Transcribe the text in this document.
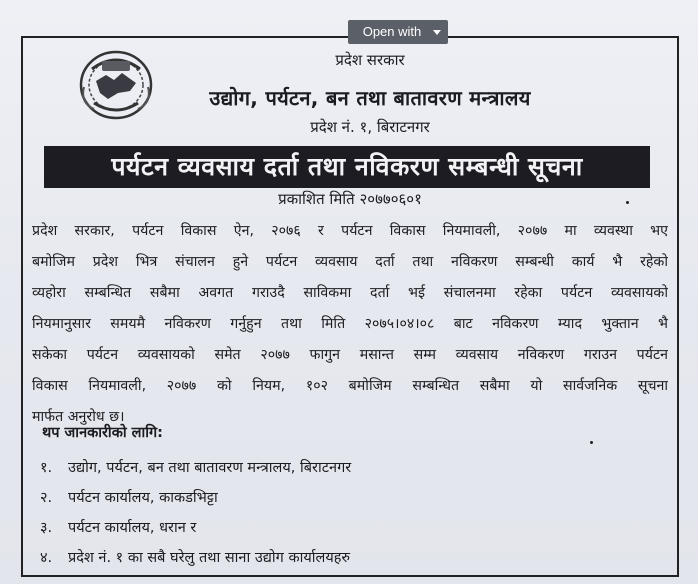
Open with
प्रदेश सरकार
उद्योग, पर्यटन, बन तथा बातावरण मन्त्रालय
प्रदेश नं. १, बिराटनगर
पर्यटन व्यवसाय दर्ता तथा नविकरण सम्बन्धी सूचना
प्रकाशित मिति २०७७०६०१
प्रदेश सरकार, पर्यटन विकास ऐन, २०७६ र पर्यटन विकास नियमावली, २०७७ मा व्यवस्था भए
बमोजिम प्रदेश भित्र संचालन हुने पर्यटन व्यवसाय दर्ता तथा नविकरण सम्बन्धी कार्य भै रहेको
व्यहोरा सम्बन्धित सबैमा अवगत गराउदै साविकमा दर्ता भई संचालनमा रहेका पर्यटन व्यवसायको
नियमानुसार समयमै नविकरण गर्नुहुन तथा मिति २०७५।०४।०८ बाट नविकरण म्याद भुक्तान भै
सकेका पर्यटन व्यवसायको समेत २०७७ फागुन मसान्त सम्म व्यवसाय नविकरण गराउन पर्यटन
विकास नियमावली, २०७७ को नियम, १०२ बमोजिम सम्बन्धित सबैमा यो सार्वजनिक सूचना
मार्फत अनुरोध छ।
थप जानकारीको लागि:
१. उद्योग, पर्यटन, बन तथा बातावरण मन्त्रालय, बिराटनगर
२. पर्यटन कार्यालय, काकडभिट्टा
३. पर्यटन कार्यालय, धरान र
४. प्रदेश नं. १ का सबै घरेलु तथा साना उद्योग कार्यालयहरु
